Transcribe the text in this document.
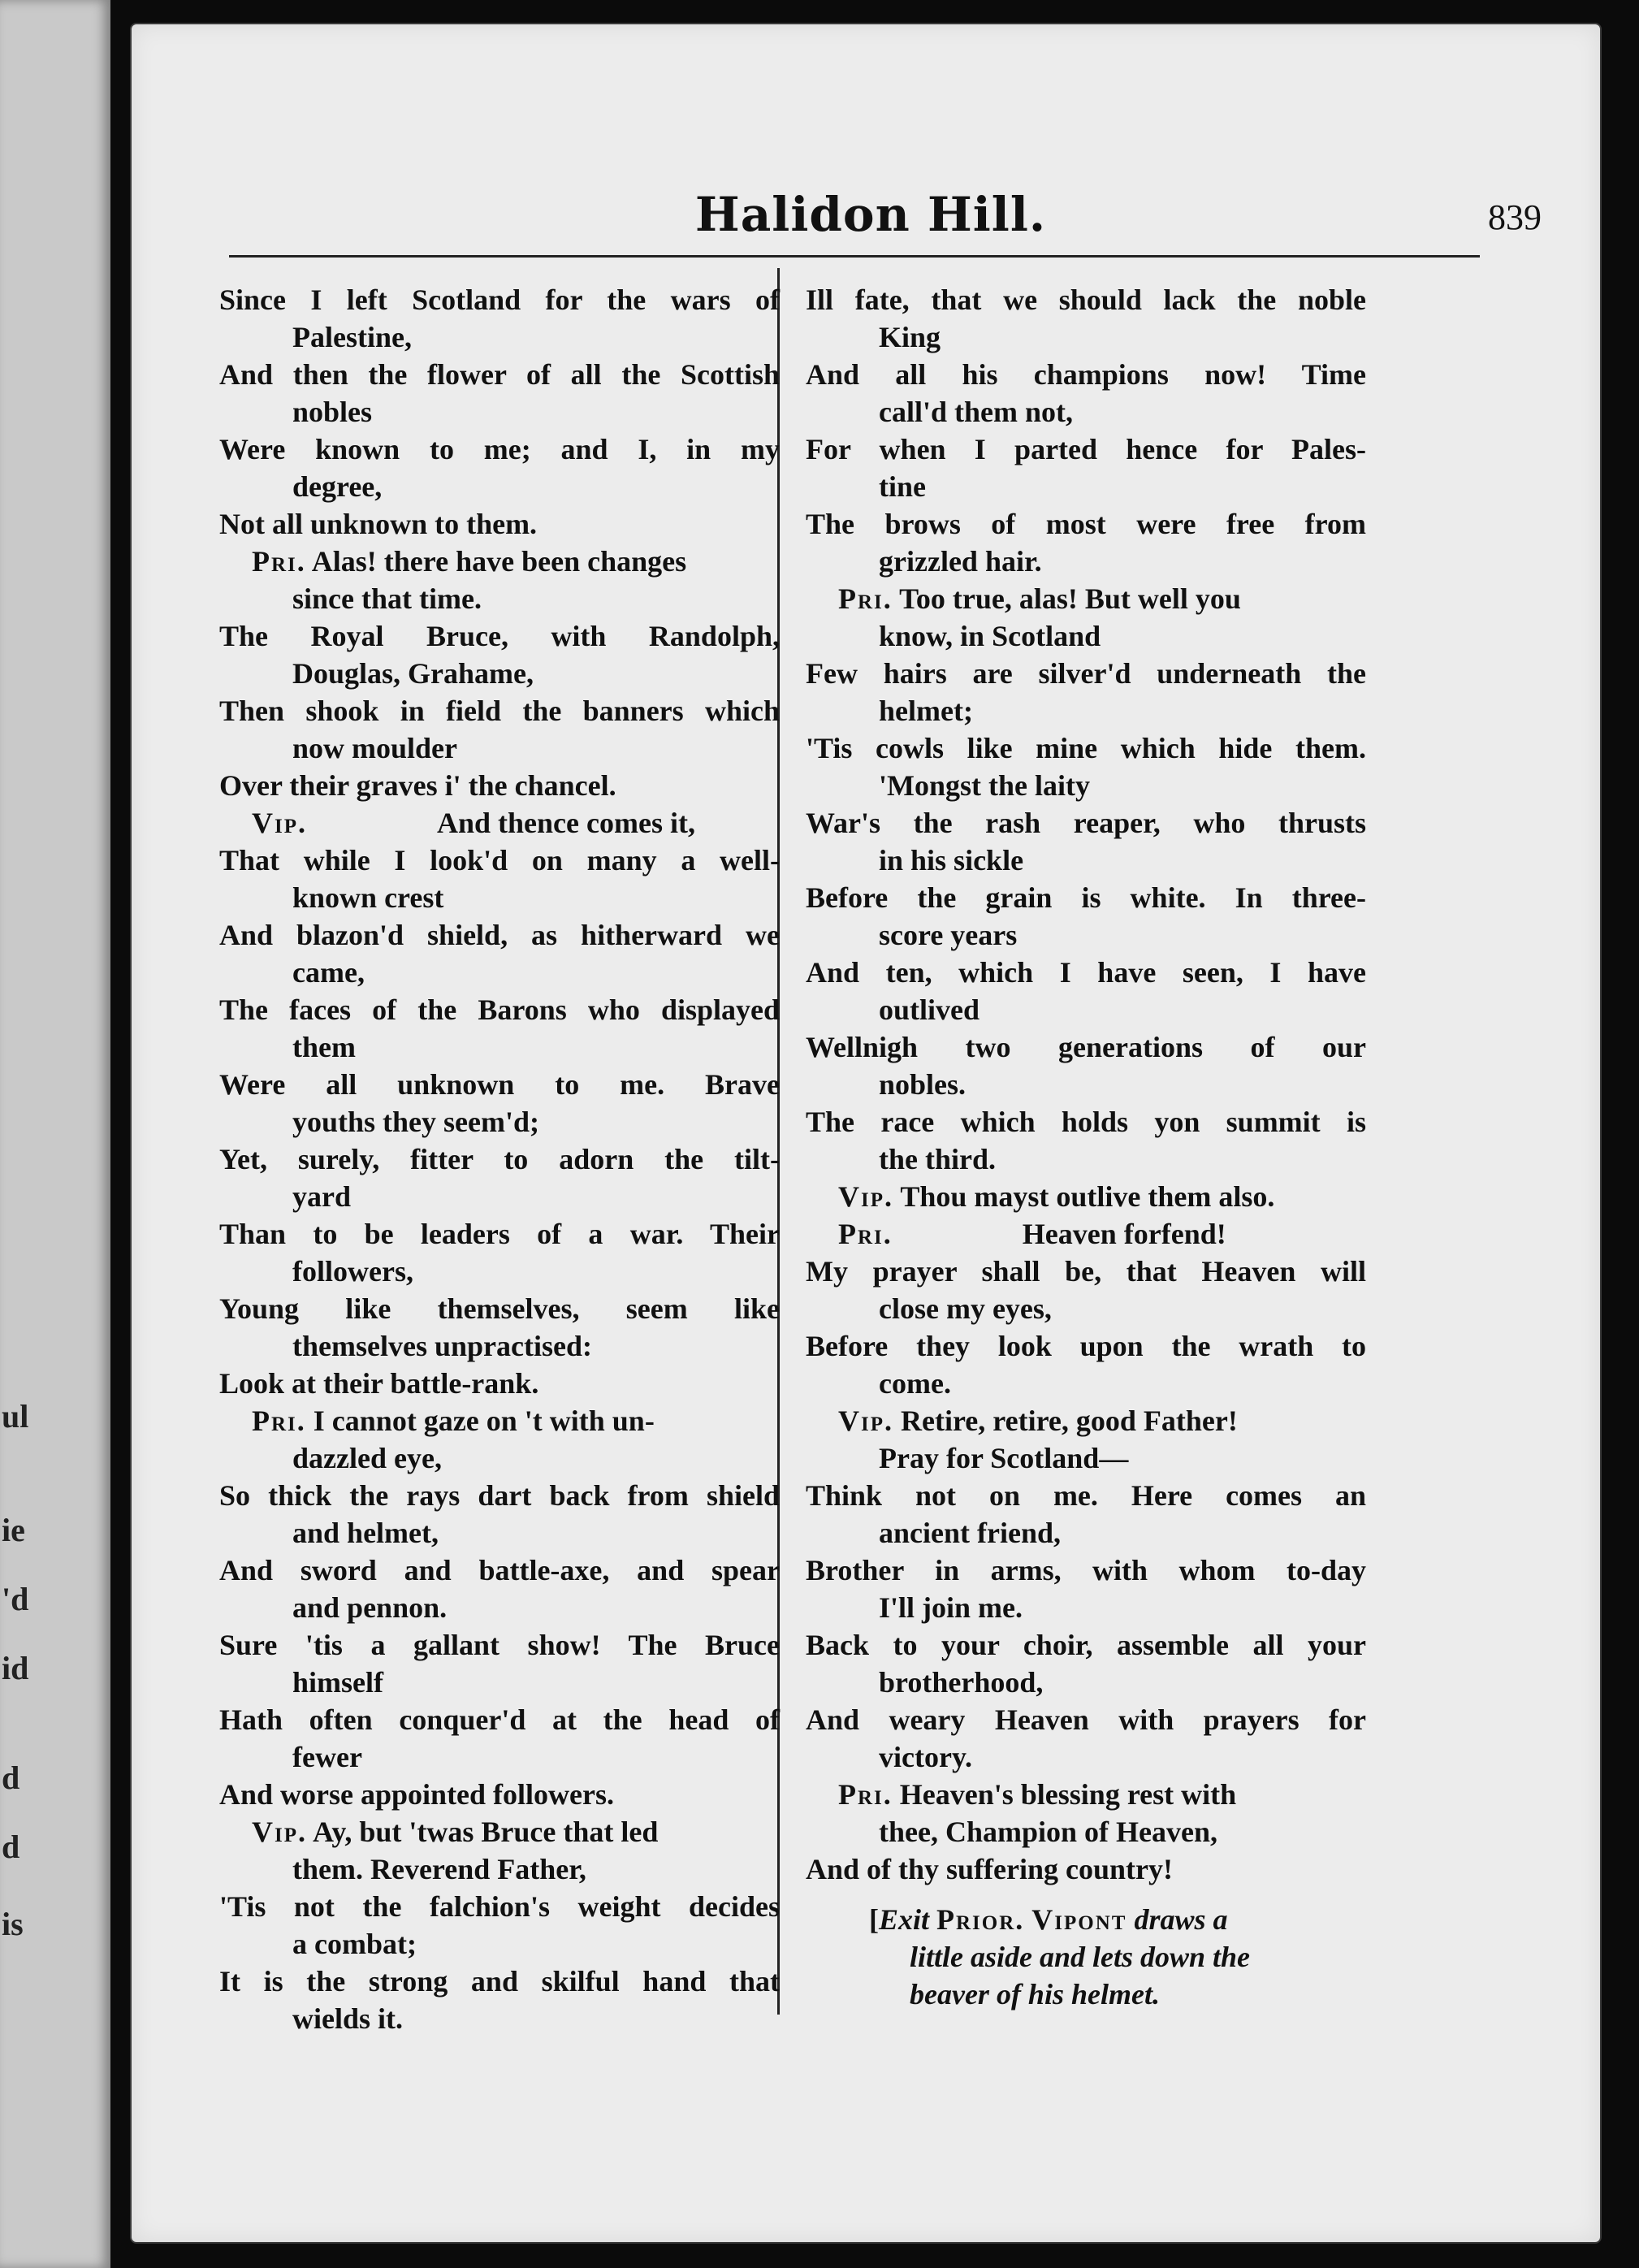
ul
ie
'd
id
d
d
is
Halidon Hill.	839
Since I left Scotland for the wars of
Palestine,
And then the flower of all the Scottish
nobles
Were known to me; and I, in my
degree,
Not all unknown to them.
Pri. Alas! there have been changes
since that time.
The Royal Bruce, with Randolph,
Douglas, Grahame,
Then shook in field the banners which
now moulder
Over their graves i' the chancel.
Vip.	And thence comes it,
That while I look'd on many a well-
known crest
And blazon'd shield, as hitherward we
came,
The faces of the Barons who displayed
them
Were all unknown to me. Brave
youths they seem'd;
Yet, surely, fitter to adorn the tilt-
yard
Than to be leaders of a war. Their
followers,
Young like themselves, seem like
themselves unpractised:
Look at their battle-rank.
Pri. I cannot gaze on 't with un-
dazzled eye,
So thick the rays dart back from shield
and helmet,
And sword and battle-axe, and spear
and pennon.
Sure 'tis a gallant show! The Bruce
himself
Hath often conquer'd at the head of
fewer
And worse appointed followers.
Vip. Ay, but 'twas Bruce that led
them. Reverend Father,
'Tis not the falchion's weight decides
a combat;
It is the strong and skilful hand that
wields it.
Ill fate, that we should lack the noble
King
And all his champions now! Time
call'd them not,
For when I parted hence for Pales-
tine
The brows of most were free from
grizzled hair.
Pri. Too true, alas! But well you
know, in Scotland
Few hairs are silver'd underneath the
helmet;
'Tis cowls like mine which hide them.
'Mongst the laity
War's the rash reaper, who thrusts
in his sickle
Before the grain is white. In three-
score years
And ten, which I have seen, I have
outlived
Wellnigh two generations of our
nobles.
The race which holds yon summit is
the third.
Vip. Thou mayst outlive them also.
Pri.	Heaven forfend!
My prayer shall be, that Heaven will
close my eyes,
Before they look upon the wrath to
come.
Vip. Retire, retire, good Father!
Pray for Scotland—
Think not on me. Here comes an
ancient friend,
Brother in arms, with whom to-day
I'll join me.
Back to your choir, assemble all your
brotherhood,
And weary Heaven with prayers for
victory.
Pri. Heaven's blessing rest with
thee, Champion of Heaven,
And of thy suffering country!
[Exit Prior. Vipont draws a
little aside and lets down the
beaver of his helmet.
